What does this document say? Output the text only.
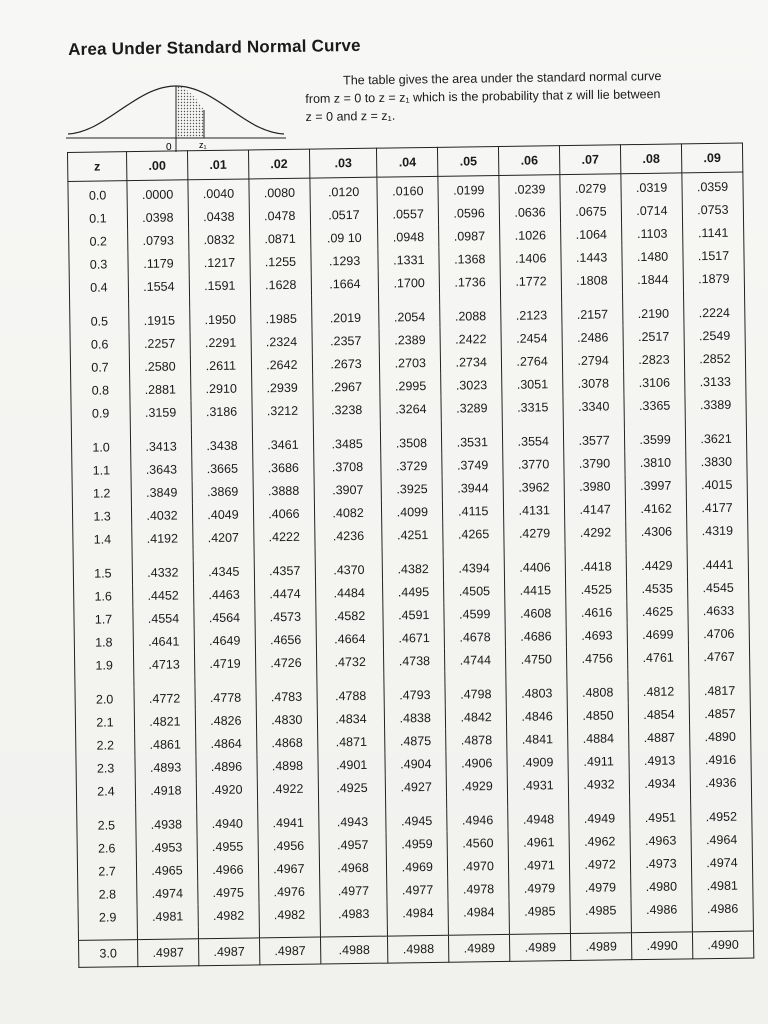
Area Under Standard Normal Curve
0	z₁
The table gives the area under the standard normal curve
from z = 0 to z = z₁ which is the probability that z will lie between
z = 0 and z = z₁.
z	.00	.01	.02	.03	.04	.05	.06	.07	.08	.09
0.0	.0000	.0040	.0080	.0120	.0160	.0199	.0239	.0279	.0319	.0359
0.1	.0398	.0438	.0478	.0517	.0557	.0596	.0636	.0675	.0714	.0753
0.2	.0793	.0832	.0871	.09 10	.0948	.0987	.1026	.1064	.1103	.1141
0.3	.1179	.1217	.1255	.1293	.1331	.1368	.1406	.1443	.1480	.1517
0.4	.1554	.1591	.1628	.1664	.1700	.1736	.1772	.1808	.1844	.1879

0.5	.1915	.1950	.1985	.2019	.2054	.2088	.2123	.2157	.2190	.2224
0.6	.2257	.2291	.2324	.2357	.2389	.2422	.2454	.2486	.2517	.2549
0.7	.2580	.2611	.2642	.2673	.2703	.2734	.2764	.2794	.2823	.2852
0.8	.2881	.2910	.2939	.2967	.2995	.3023	.3051	.3078	.3106	.3133
0.9	.3159	.3186	.3212	.3238	.3264	.3289	.3315	.3340	.3365	.3389

1.0	.3413	.3438	.3461	.3485	.3508	.3531	.3554	.3577	.3599	.3621
1.1	.3643	.3665	.3686	.3708	.3729	.3749	.3770	.3790	.3810	.3830
1.2	.3849	.3869	.3888	.3907	.3925	.3944	.3962	.3980	.3997	.4015
1.3	.4032	.4049	.4066	.4082	.4099	.4115	.4131	.4147	.4162	.4177
1.4	.4192	.4207	.4222	.4236	.4251	.4265	.4279	.4292	.4306	.4319

1.5	.4332	.4345	.4357	.4370	.4382	.4394	.4406	.4418	.4429	.4441
1.6	.4452	.4463	.4474	.4484	.4495	.4505	.4415	.4525	.4535	.4545
1.7	.4554	.4564	.4573	.4582	.4591	.4599	.4608	.4616	.4625	.4633
1.8	.4641	.4649	.4656	.4664	.4671	.4678	.4686	.4693	.4699	.4706
1.9	.4713	.4719	.4726	.4732	.4738	.4744	.4750	.4756	.4761	.4767

2.0	.4772	.4778	.4783	.4788	.4793	.4798	.4803	.4808	.4812	.4817
2.1	.4821	.4826	.4830	.4834	.4838	.4842	.4846	.4850	.4854	.4857
2.2	.4861	.4864	.4868	.4871	.4875	.4878	.4841	.4884	.4887	.4890
2.3	.4893	.4896	.4898	.4901	.4904	.4906	.4909	.4911	.4913	.4916
2.4	.4918	.4920	.4922	.4925	.4927	.4929	.4931	.4932	.4934	.4936

2.5	.4938	.4940	.4941	.4943	.4945	.4946	.4948	.4949	.4951	.4952
2.6	.4953	.4955	.4956	.4957	.4959	.4560	.4961	.4962	.4963	.4964
2.7	.4965	.4966	.4967	.4968	.4969	.4970	.4971	.4972	.4973	.4974
2.8	.4974	.4975	.4976	.4977	.4977	.4978	.4979	.4979	.4980	.4981
2.9	.4981	.4982	.4982	.4983	.4984	.4984	.4985	.4985	.4986	.4986

3.0	.4987	.4987	.4987	.4988	.4988	.4989	.4989	.4989	.4990	.4990
